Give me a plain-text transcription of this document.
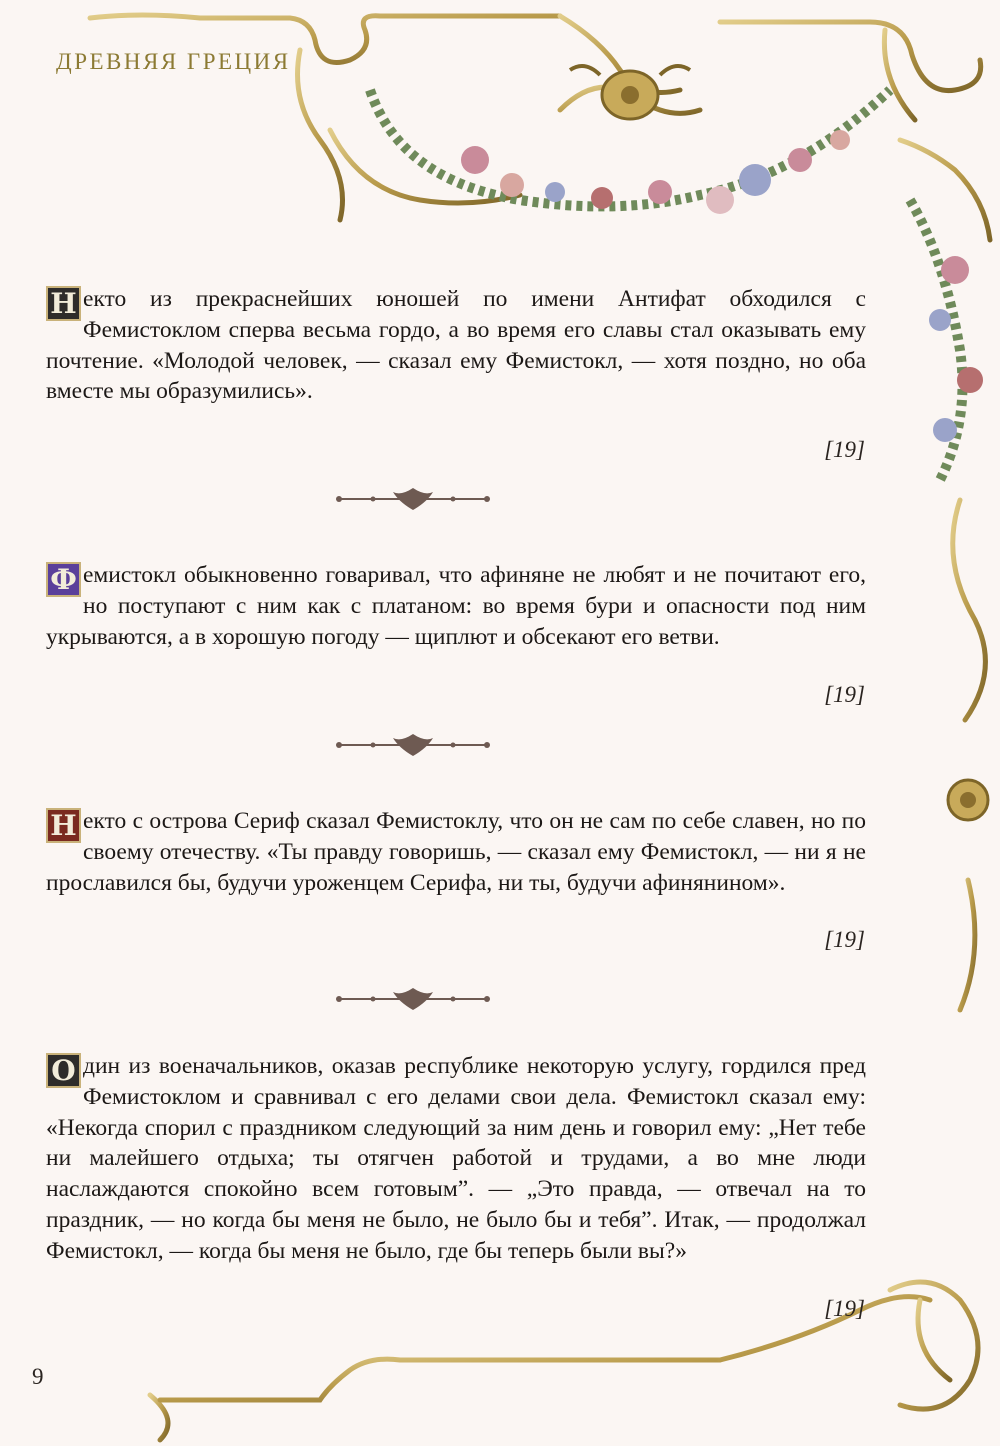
ДРЕВНЯЯ ГРЕЦИЯ

Н екто из прекраснейших юношей по имени Антифат обходился с Фемистоклом сперва весьма гордо, а во время его славы стал оказывать ему почтение. «Молодой человек, — сказал ему Фемистокл, — хотя поздно, но оба вместе мы образумились».

[19]

Ф емистокл обыкновенно говаривал, что афиняне не любят и не почитают его, но поступают с ним как с платаном: во время бури и опасности под ним укрываются, а в хорошую погоду — щиплют и обсекают его ветви.

[19]

Н екто с острова Сериф сказал Фемистоклу, что он не сам по себе славен, но по своему отечеству. «Ты правду говоришь, — сказал ему Фемистокл, — ни я не прославился бы, будучи уроженцем Серифа, ни ты, будучи афинянином».

[19]

О дин из военачальников, оказав республике некоторую услугу, гордился пред Фемистоклом и сравнивал с его делами свои дела. Фемистокл сказал ему: «Некогда спорил с праздником следующий за ним день и говорил ему: „Нет тебе ни малейшего отдыха; ты отягчен работой и трудами, а во мне люди наслаждаются спокойно всем готовым”. — „Это правда, — отвечал на то праздник, — но когда бы меня не было, не было бы и тебя”. Итак, — продолжал Фемистокл, — когда бы меня не было, где бы теперь были вы?»

[19]
9
